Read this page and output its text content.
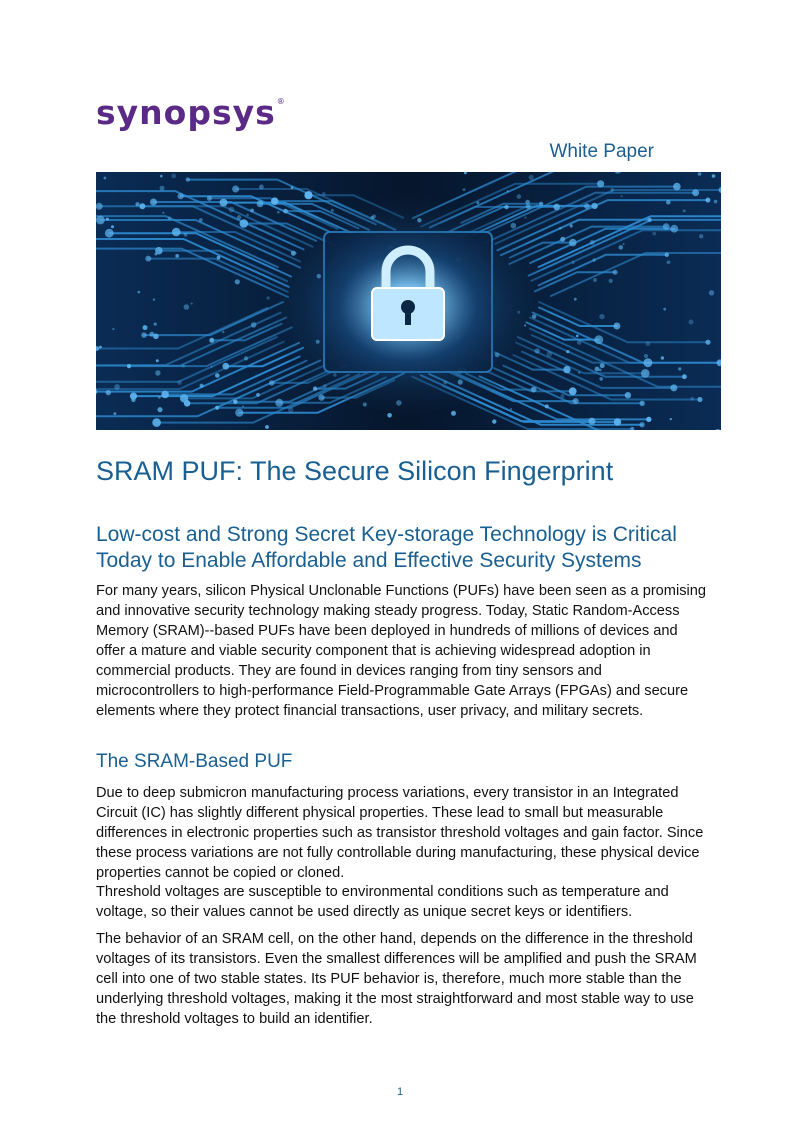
synopsys®
White Paper
SRAM PUF: The Secure Silicon Fingerprint
Low-cost and Strong Secret Key-storage Technology is Critical Today to Enable Affordable and Effective Security Systems

For many years, silicon Physical Unclonable Functions (PUFs) have been seen as a promising and innovative security technology making steady progress. Today, Static Random-Access Memory (SRAM)--based PUFs have been deployed in hundreds of millions of devices and offer a mature and viable security component that is achieving widespread adoption in commercial products. They are found in devices ranging from tiny sensors and microcontrollers to high-performance Field-Programmable Gate Arrays (FPGAs) and secure elements where they protect financial transactions, user privacy, and military secrets.

The SRAM-Based PUF

Due to deep submicron manufacturing process variations, every transistor in an Integrated Circuit (IC) has slightly different physical properties. These lead to small but measurable differences in electronic properties such as transistor threshold voltages and gain factor. Since these process variations are not fully controllable during manufacturing, these physical device properties cannot be copied or cloned.

Threshold voltages are susceptible to environmental conditions such as temperature and voltage, so their values cannot be used directly as unique secret keys or identifiers.

The behavior of an SRAM cell, on the other hand, depends on the difference in the threshold voltages of its transistors. Even the smallest differences will be amplified and push the SRAM cell into one of two stable states. Its PUF behavior is, therefore, much more stable than the underlying threshold voltages, making it the most straightforward and most stable way to use the threshold voltages to build an identifier.

1
